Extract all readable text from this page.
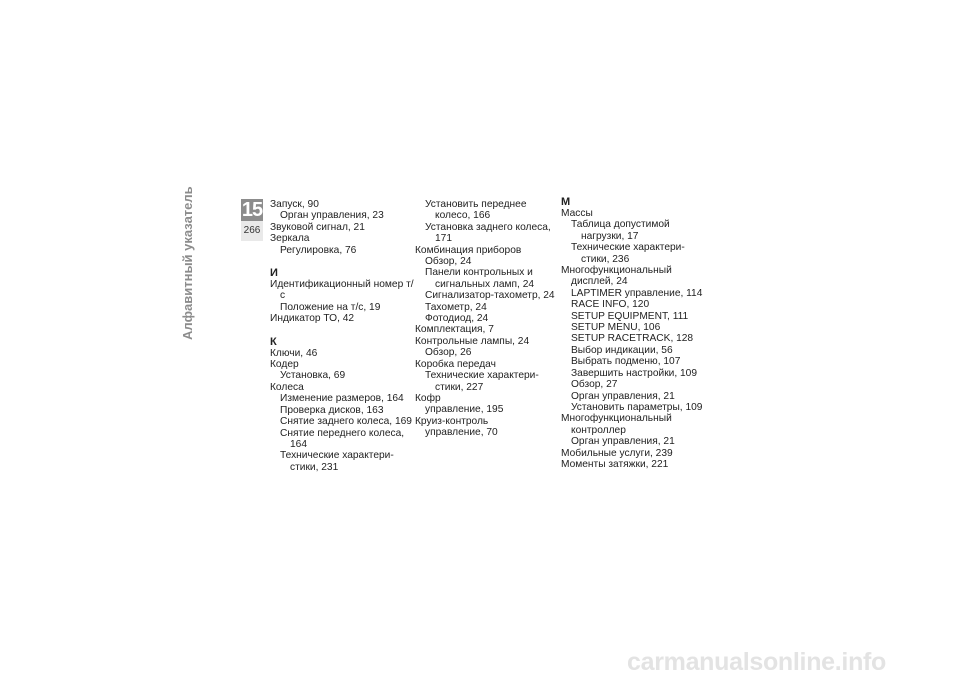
15
266
Алфавитный указатель	Запуск, 90

Орган управления, 23

Звуковой сигнал, 21

Зеркала

Регулировка, 76

И

Идентификационный номер т/с

Положение на т/с, 19

Индикатор ТО, 42

К

Ключи, 46

Кодер

Установка, 69

Колеса

Изменение размеров, 164

Проверка дисков, 163

Снятие заднего колеса, 169

Снятие переднего колеса, 164

Технические характеристики, 231

Установить переднее колесо, 166

Установка заднего колеса, 171

Комбинация приборов

Обзор, 24

Панели контрольных и сигнальных ламп, 24

Сигнализатор-тахометр, 24

Тахометр, 24

Фотодиод, 24

Комплектация, 7

Контрольные лампы, 24

Обзор, 26

Коробка передач

Технические характеристики, 227

Кофр

управление, 195

Круиз-контроль

управление, 70

М

Массы

Таблица допустимой нагрузки, 17

Технические характеристики, 236

Многофункциональный дисплей, 24

LAPTIMER управление, 114

RACE INFO, 120

SETUP EQUIPMENT, 111

SETUP MENU, 106

SETUP RACETRACK, 128

Выбор индикации, 56

Выбрать подменю, 107

Завершить настройки, 109

Обзор, 27

Орган управления, 21

Установить параметры, 109

Многофункциональный контроллер

Орган управления, 21

Мобильные услуги, 239

Моменты затяжки, 221

carmanualsonline.info
